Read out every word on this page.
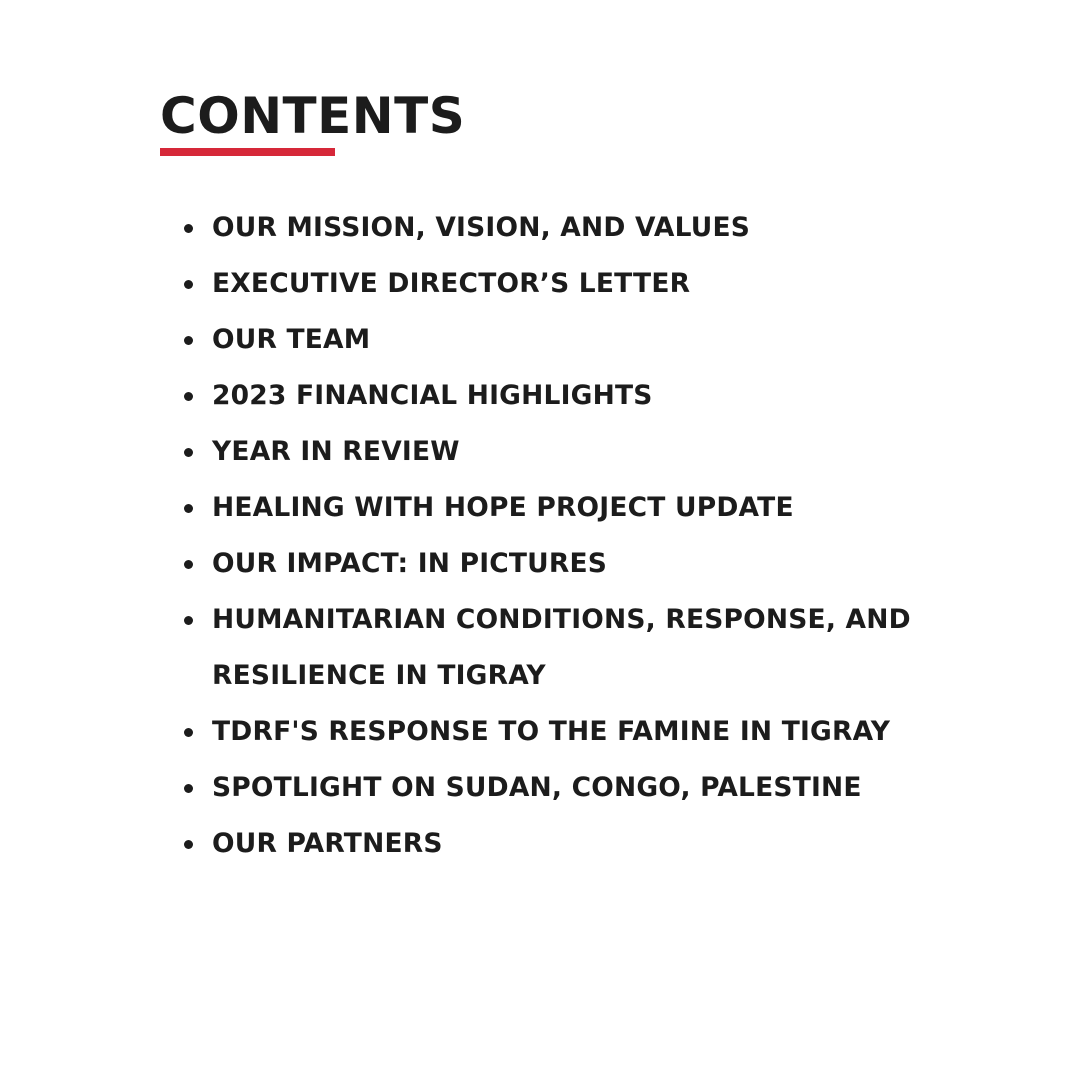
CONTENTS
OUR MISSION, VISION, AND VALUES
EXECUTIVE DIRECTOR’S LETTER
OUR TEAM
2023 FINANCIAL HIGHLIGHTS
YEAR IN REVIEW
HEALING WITH HOPE PROJECT UPDATE
OUR IMPACT: IN PICTURES
HUMANITARIAN CONDITIONS, RESPONSE, AND RESILIENCE IN TIGRAY
TDRF'S RESPONSE TO THE FAMINE IN TIGRAY
SPOTLIGHT ON SUDAN, CONGO, PALESTINE
OUR PARTNERS
